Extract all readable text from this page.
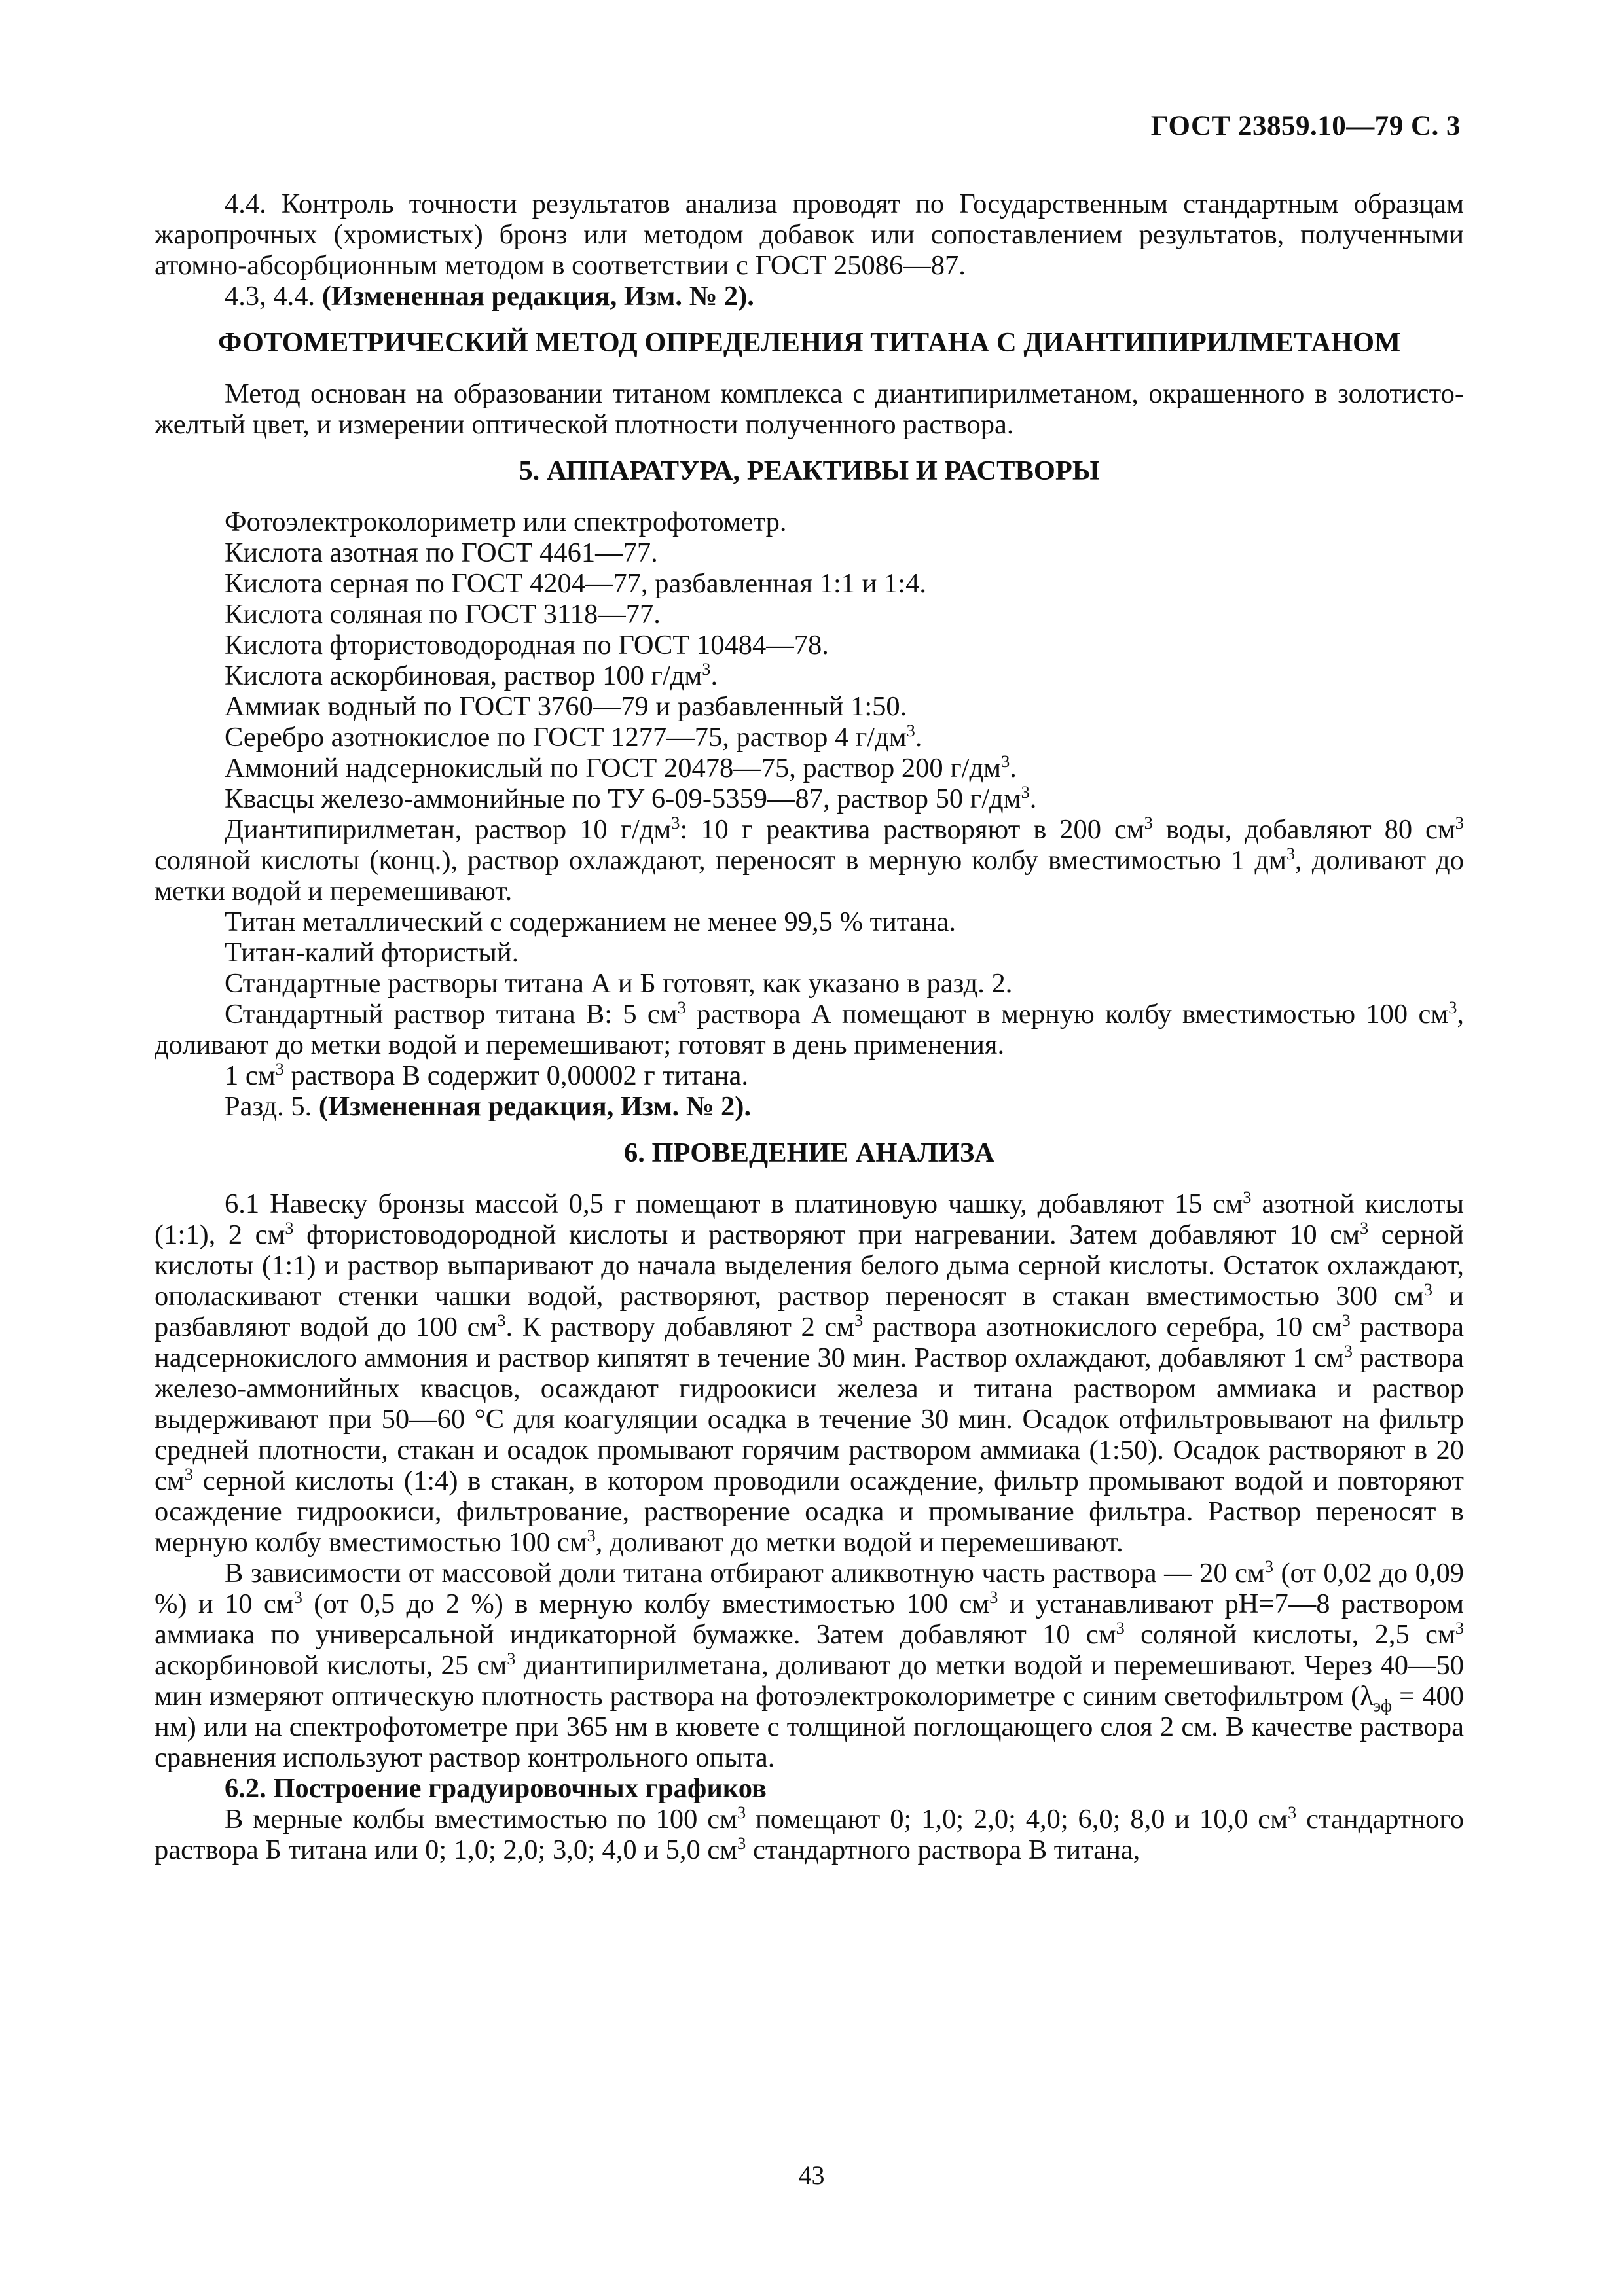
ГОСТ 23859.10—79 С. 3

4.4. Контроль точности результатов анализа проводят по Государственным стандартным образцам жаропрочных (хромистых) бронз или методом добавок или сопоставлением результатов, полученными атомно-абсорбционным методом в соответствии с ГОСТ 25086—87.

4.3, 4.4. (Измененная редакция, Изм. № 2).

ФОТОМЕТРИЧЕСКИЙ МЕТОД ОПРЕДЕЛЕНИЯ ТИТАНА С ДИАНТИПИРИЛМЕТАНОМ

Метод основан на образовании титаном комплекса с диантипирилметаном, окрашенного в золотисто-желтый цвет, и измерении оптической плотности полученного раствора.

5. АППАРАТУРА, РЕАКТИВЫ И РАСТВОРЫ

Фотоэлектроколориметр или спектрофотометр.

Кислота азотная по ГОСТ 4461—77.

Кислота серная по ГОСТ 4204—77, разбавленная 1:1 и 1:4.

Кислота соляная по ГОСТ 3118—77.

Кислота фтористоводородная по ГОСТ 10484—78.

Кислота аскорбиновая, раствор 100 $г/дм^3$.

Аммиак водный по ГОСТ 3760—79 и разбавленный 1:50.

Серебро азотнокислое по ГОСТ 1277—75, раствор 4 $г/дм^3$.

Аммоний надсернокислый по ГОСТ 20478—75, раствор 200 $г/дм^3$.

Квасцы железо-аммонийные по ТУ 6-09-5359—87, раствор 50 $г/дм^3$.

Диантипирилметан, раствор 10 $г/дм^3$: 10 г реактива растворяют в 200 $см^3$ воды, добавляют 80 $см^3$ соляной кислоты (конц.), раствор охлаждают, переносят в мерную колбу вместимостью 1 $дм^3$, доливают до метки водой и перемешивают.

Титан металлический с содержанием не менее 99,5 % титана.

Титан-калий фтористый.

Стандартные растворы титана А и Б готовят, как указано в разд. 2.

Стандартный раствор титана В: 5 $см^3$ раствора А помещают в мерную колбу вместимостью 100 $см^3$, доливают до метки водой и перемешивают; готовят в день применения.

1 $см^3$ раствора В содержит 0,00002 г титана.

Разд. 5. (Измененная редакция, Изм. № 2).

6. ПРОВЕДЕНИЕ АНАЛИЗА

6.1 Навеску бронзы массой 0,5 г помещают в платиновую чашку, добавляют 15 $см^3$ азотной кислоты (1:1), 2 $см^3$ фтористоводородной кислоты и растворяют при нагревании. Затем добавляют 10 $см^3$ серной кислоты (1:1) и раствор выпаривают до начала выделения белого дыма серной кислоты. Остаток охлаждают, ополаскивают стенки чашки водой, растворяют, раствор переносят в стакан вместимостью 300 $см^3$ и разбавляют водой до 100 $см^3$. К раствору добавляют 2 $см^3$ раствора азотнокислого серебра, 10 $см^3$ раствора надсернокислого аммония и раствор кипятят в течение 30 мин. Раствор охлаждают, добавляют 1 $см^3$ раствора железо-аммонийных квасцов, осаждают гидроокиси железа и титана раствором аммиака и раствор выдерживают при 50—60 °С для коагуляции осадка в течение 30 мин. Осадок отфильтровывают на фильтр средней плотности, стакан и осадок промывают горячим раствором аммиака (1:50). Осадок растворяют в 20 $см^3$ серной кислоты (1:4) в стакан, в котором проводили осаждение, фильтр промывают водой и повторяют осаждение гидроокиси, фильтрование, растворение осадка и промывание фильтра. Раствор переносят в мерную колбу вместимостью 100 $см^3$, доливают до метки водой и перемешивают.

В зависимости от массовой доли титана отбирают аликвотную часть раствора — 20 $см^3$ (от 0,02 до 0,09 %) и 10 $см^3$ (от 0,5 до 2 %) в мерную колбу вместимостью 100 $см^3$ и устанавливают рН=7—8 раствором аммиака по универсальной индикаторной бумажке. Затем добавляют 10 $см^3$ соляной кислоты, 2,5 $см^3$ аскорбиновой кислоты, 25 $см^3$ диантипирилметана, доливают до метки водой и перемешивают. Через 40—50 мин измеряют оптическую плотность раствора на фотоэлектроколориметре с синим светофильтром ($\lambda_{эф} = 400$ нм) или на спектрофотометре при 365 нм в кювете с толщиной поглощающего слоя 2 см. В качестве раствора сравнения используют раствор контрольного опыта.

6.2. Построение градуировочных графиков

В мерные колбы вместимостью по 100 $см^3$ помещают 0; 1,0; 2,0; 4,0; 6,0; 8,0 и 10,0 $см^3$ стандартного раствора Б титана или 0; 1,0; 2,0; 3,0; 4,0 и 5,0 $см^3$ стандартного раствора В титана,

43
